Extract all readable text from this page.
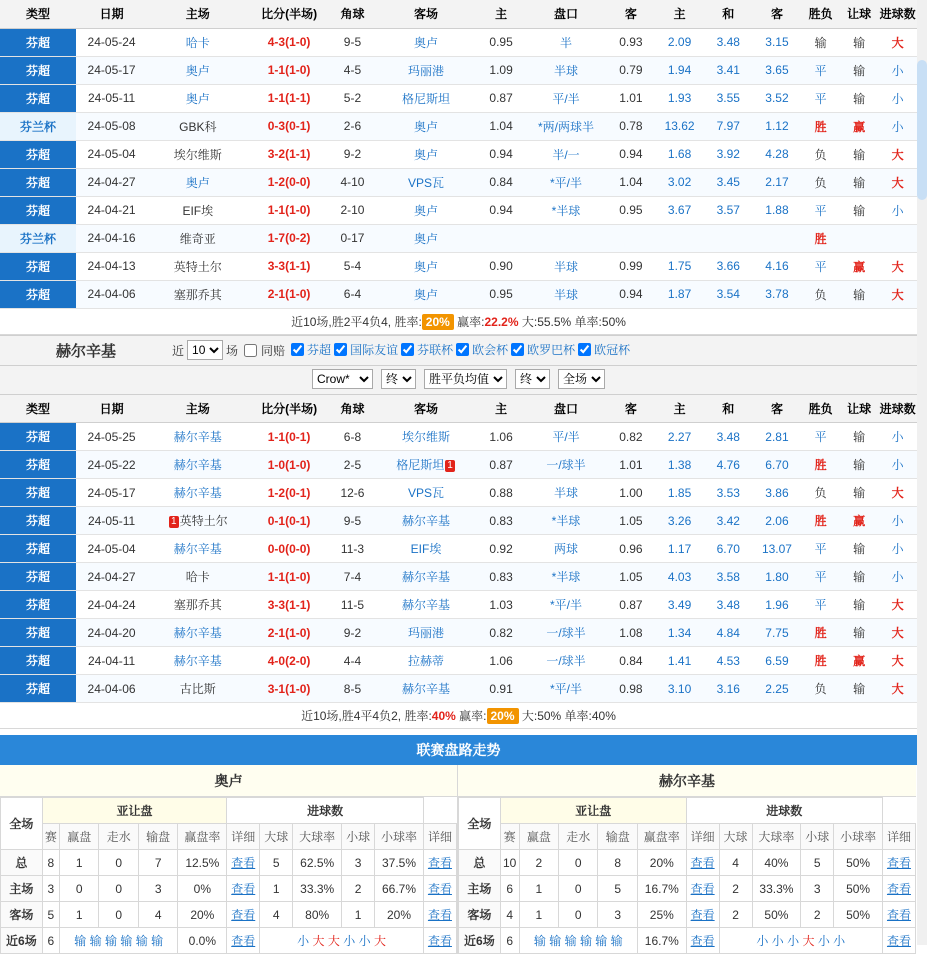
类型	日期	主场	比分(半场)	角球	客场	主	盘口	客	主	和	客	胜负	让球	进球数
芬超	24-05-24	哈卡	4-3(1-0)	9-5	奥卢	0.95	半	0.93	2.09	3.48	3.15	输	输	大
芬超	24-05-17	奥卢	1-1(1-0)	4-5	玛丽港	1.09	半球	0.79	1.94	3.41	3.65	平	输	小
芬超	24-05-11	奥卢	1-1(1-1)	5-2	格尼斯坦	0.87	平/半	1.01	1.93	3.55	3.52	平	输	小
芬兰杯	24-05-08	GBK科	0-3(0-1)	2-6	奥卢	1.04	*两/两球半	0.78	13.62	7.97	1.12	胜	赢	小
芬超	24-05-04	埃尔维斯	3-2(1-1)	9-2	奥卢	0.94	半/一	0.94	1.68	3.92	4.28	负	输	大
芬超	24-04-27	奥卢	1-2(0-0)	4-10	VPS瓦	0.84	*平/半	1.04	3.02	3.45	2.17	负	输	大
芬超	24-04-21	EIF埃	1-1(1-0)	2-10	奥卢	0.94	*半球	0.95	3.67	3.57	1.88	平	输	小
芬兰杯	24-04-16	维奇亚	1-7(0-2)	0-17	奥卢							胜		
芬超	24-04-13	英特土尔	3-3(1-1)	5-4	奥卢	0.90	半球	0.99	1.75	3.66	4.16	平	赢	大
芬超	24-04-06	塞那乔其	2-1(1-0)	6-4	奥卢	0.95	半球	0.94	1.87	3.54	3.78	负	输	大
近10场,胜2平4负4, 胜率: 20% 赢率:22.2% 大:55.5% 单率:50%
赫尔辛基	近
10	场 同赔 芬超 国际友谊 芬联杯 欧会杯 欧罗巴杯 欧冠杯
Crow*
终
胜平负均值
终
全场
类型	日期	主场	比分(半场)	角球	客场	主	盘口	客	主	和	客	胜负	让球	进球数
芬超	24-05-25	赫尔辛基	1-1(0-1)	6-8	埃尔维斯	1.06	平/半	0.82	2.27	3.48	2.81	平	输	小
芬超	24-05-22	赫尔辛基	1-0(1-0)	2-5	格尼斯坦 1	0.87	一/球半	1.01	1.38	4.76	6.70	胜	输	小
芬超	24-05-17	赫尔辛基	1-2(0-1)	12-6	VPS瓦	0.88	半球	1.00	1.85	3.53	3.86	负	输	大
芬超	24-05-11	1 英特土尔	0-1(0-1)	9-5	赫尔辛基	0.83	*半球	1.05	3.26	3.42	2.06	胜	赢	小
芬超	24-05-04	赫尔辛基	0-0(0-0)	11-3	EIF埃	0.92	两球	0.96	1.17	6.70	13.07	平	输	小
芬超	24-04-27	哈卡	1-1(1-0)	7-4	赫尔辛基	0.83	*半球	1.05	4.03	3.58	1.80	平	输	小
芬超	24-04-24	塞那乔其	3-3(1-1)	11-5	赫尔辛基	1.03	*平/半	0.87	3.49	3.48	1.96	平	输	大
芬超	24-04-20	赫尔辛基	2-1(1-0)	9-2	玛丽港	0.82	一/球半	1.08	1.34	4.84	7.75	胜	输	大
芬超	24-04-11	赫尔辛基	4-0(2-0)	4-4	拉赫蒂	1.06	一/球半	0.84	1.41	4.53	6.59	胜	赢	大
芬超	24-04-06	古比斯	3-1(1-0)	8-5	赫尔辛基	0.91	*平/半	0.98	3.10	3.16	2.25	负	输	大
近10场,胜4平4负2, 胜率:40% 赢率: 20% 大:50% 单率:40%
联赛盘路走势
奥卢
全场	亚让盘					进球数					
	赛	赢盘	走水	输盘	赢盘率	详细	大球	大球率	小球	小球率	详细
总	8	1	0	7	12.5%	查看	5	62.5%	3	37.5%	查看
主场	3	0	0	3	0%	查看	1	33.3%	2	66.7%	查看
客场	5	1	0	4	20%	查看	4	80%	1	20%	查看
近6场	6	输 输 输 输 输 输			0.0%	查看	小 大 大 小 小 大				查看
赫尔辛基
全场	亚让盘					进球数					
	赛	赢盘	走水	输盘	赢盘率	详细	大球	大球率	小球	小球率	详细
总	10	2	0	8	20%	查看	4	40%	5	50%	查看
主场	6	1	0	5	16.7%	查看	2	33.3%	3	50%	查看
客场	4	1	0	3	25%	查看	2	50%	2	50%	查看
近6场	6	输 输 输 输 输 输			16.7%	查看	小 小 小 大 小 小				查看
